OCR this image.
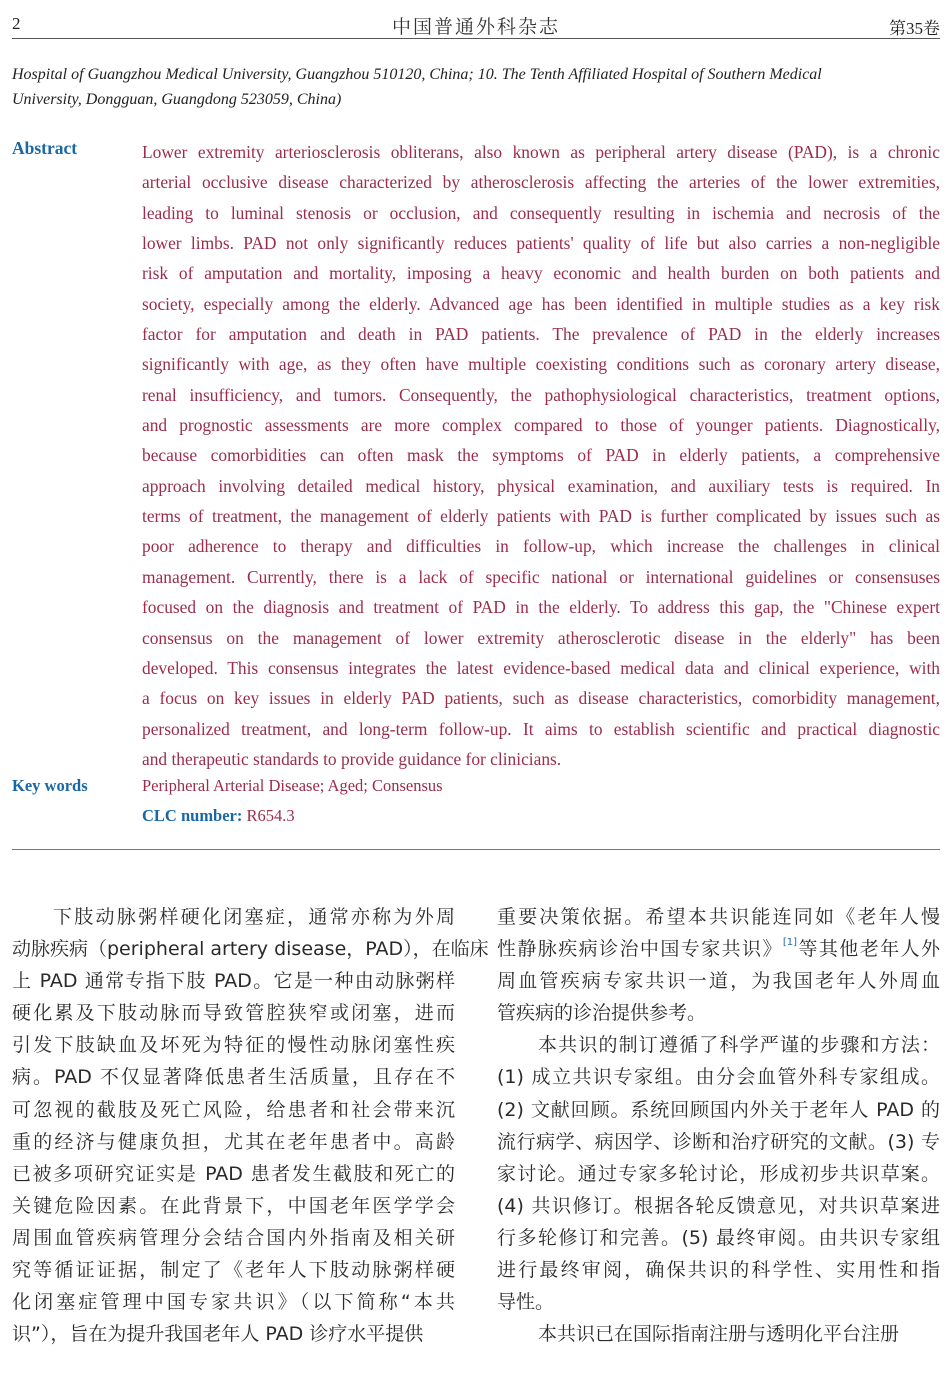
2	中国普通外科杂志	第35卷
Hospital of Guangzhou Medical University, Guangzhou 510120, China; 10. The Tenth Affiliated Hospital of Southern Medical
University, Dongguan, Guangdong 523059, China)
Abstract	Lower extremity arteriosclerosis obliterans, also known as peripheral artery disease (PAD), is a chronic
arterial occlusive disease characterized by atherosclerosis affecting the arteries of the lower extremities,
leading to luminal stenosis or occlusion, and consequently resulting in ischemia and necrosis of the
lower limbs. PAD not only significantly reduces patients' quality of life but also carries a non-negligible
risk of amputation and mortality, imposing a heavy economic and health burden on both patients and
society, especially among the elderly. Advanced age has been identified in multiple studies as a key risk
factor for amputation and death in PAD patients. The prevalence of PAD in the elderly increases
significantly with age, as they often have multiple coexisting conditions such as coronary artery disease,
renal insufficiency, and tumors. Consequently, the pathophysiological characteristics, treatment options,
and prognostic assessments are more complex compared to those of younger patients. Diagnostically,
because comorbidities can often mask the symptoms of PAD in elderly patients, a comprehensive
approach involving detailed medical history, physical examination, and auxiliary tests is required. In
terms of treatment, the management of elderly patients with PAD is further complicated by issues such as
poor adherence to therapy and difficulties in follow-up, which increase the challenges in clinical
management. Currently, there is a lack of specific national or international guidelines or consensuses
focused on the diagnosis and treatment of PAD in the elderly. To address this gap, the "Chinese expert
consensus on the management of lower extremity atherosclerotic disease in the elderly" has been
developed. This consensus integrates the latest evidence-based medical data and clinical experience, with
a focus on key issues in elderly PAD patients, such as disease characteristics, comorbidity management,
personalized treatment, and long-term follow-up. It aims to establish scientific and practical diagnostic
and therapeutic standards to provide guidance for clinicians.
Key words	Peripheral Arterial Disease; Aged; Consensus
CLC number: R654.3
下肢动脉粥样硬化闭塞症，通常亦称为外周
动脉疾病（peripheral artery disease，PAD），在临床
上 PAD 通常专指下肢 PAD。它是一种由动脉粥样
硬化累及下肢动脉而导致管腔狭窄或闭塞，进而
引发下肢缺血及坏死为特征的慢性动脉闭塞性疾
病。PAD 不仅显著降低患者生活质量，且存在不
可忽视的截肢及死亡风险，给患者和社会带来沉
重的经济与健康负担，尤其在老年患者中。高龄
已被多项研究证实是 PAD 患者发生截肢和死亡的
关键危险因素。在此背景下，中国老年医学学会
周围血管疾病管理分会结合国内外指南及相关研
究等循证证据，制定了《老年人下肢动脉粥样硬
化闭塞症管理中国专家共识》（以下简称“本共
识”），旨在为提升我国老年人 PAD 诊疗水平提供
重要决策依据。希望本共识能连同如《老年人慢
性静脉疾病诊治中国专家共识》[1]等其他老年人外
周血管疾病专家共识一道，为我国老年人外周血
管疾病的诊治提供参考。
本共识的制订遵循了科学严谨的步骤和方法：
(1) 成立共识专家组。由分会血管外科专家组成。
(2) 文献回顾。系统回顾国内外关于老年人 PAD 的
流行病学、病因学、诊断和治疗研究的文献。(3) 专
家讨论。通过专家多轮讨论，形成初步共识草案。
(4) 共识修订。根据各轮反馈意见，对共识草案进
行多轮修订和完善。(5) 最终审阅。由共识专家组
进行最终审阅，确保共识的科学性、实用性和指
导性。
本共识已在国际指南注册与透明化平台注册
